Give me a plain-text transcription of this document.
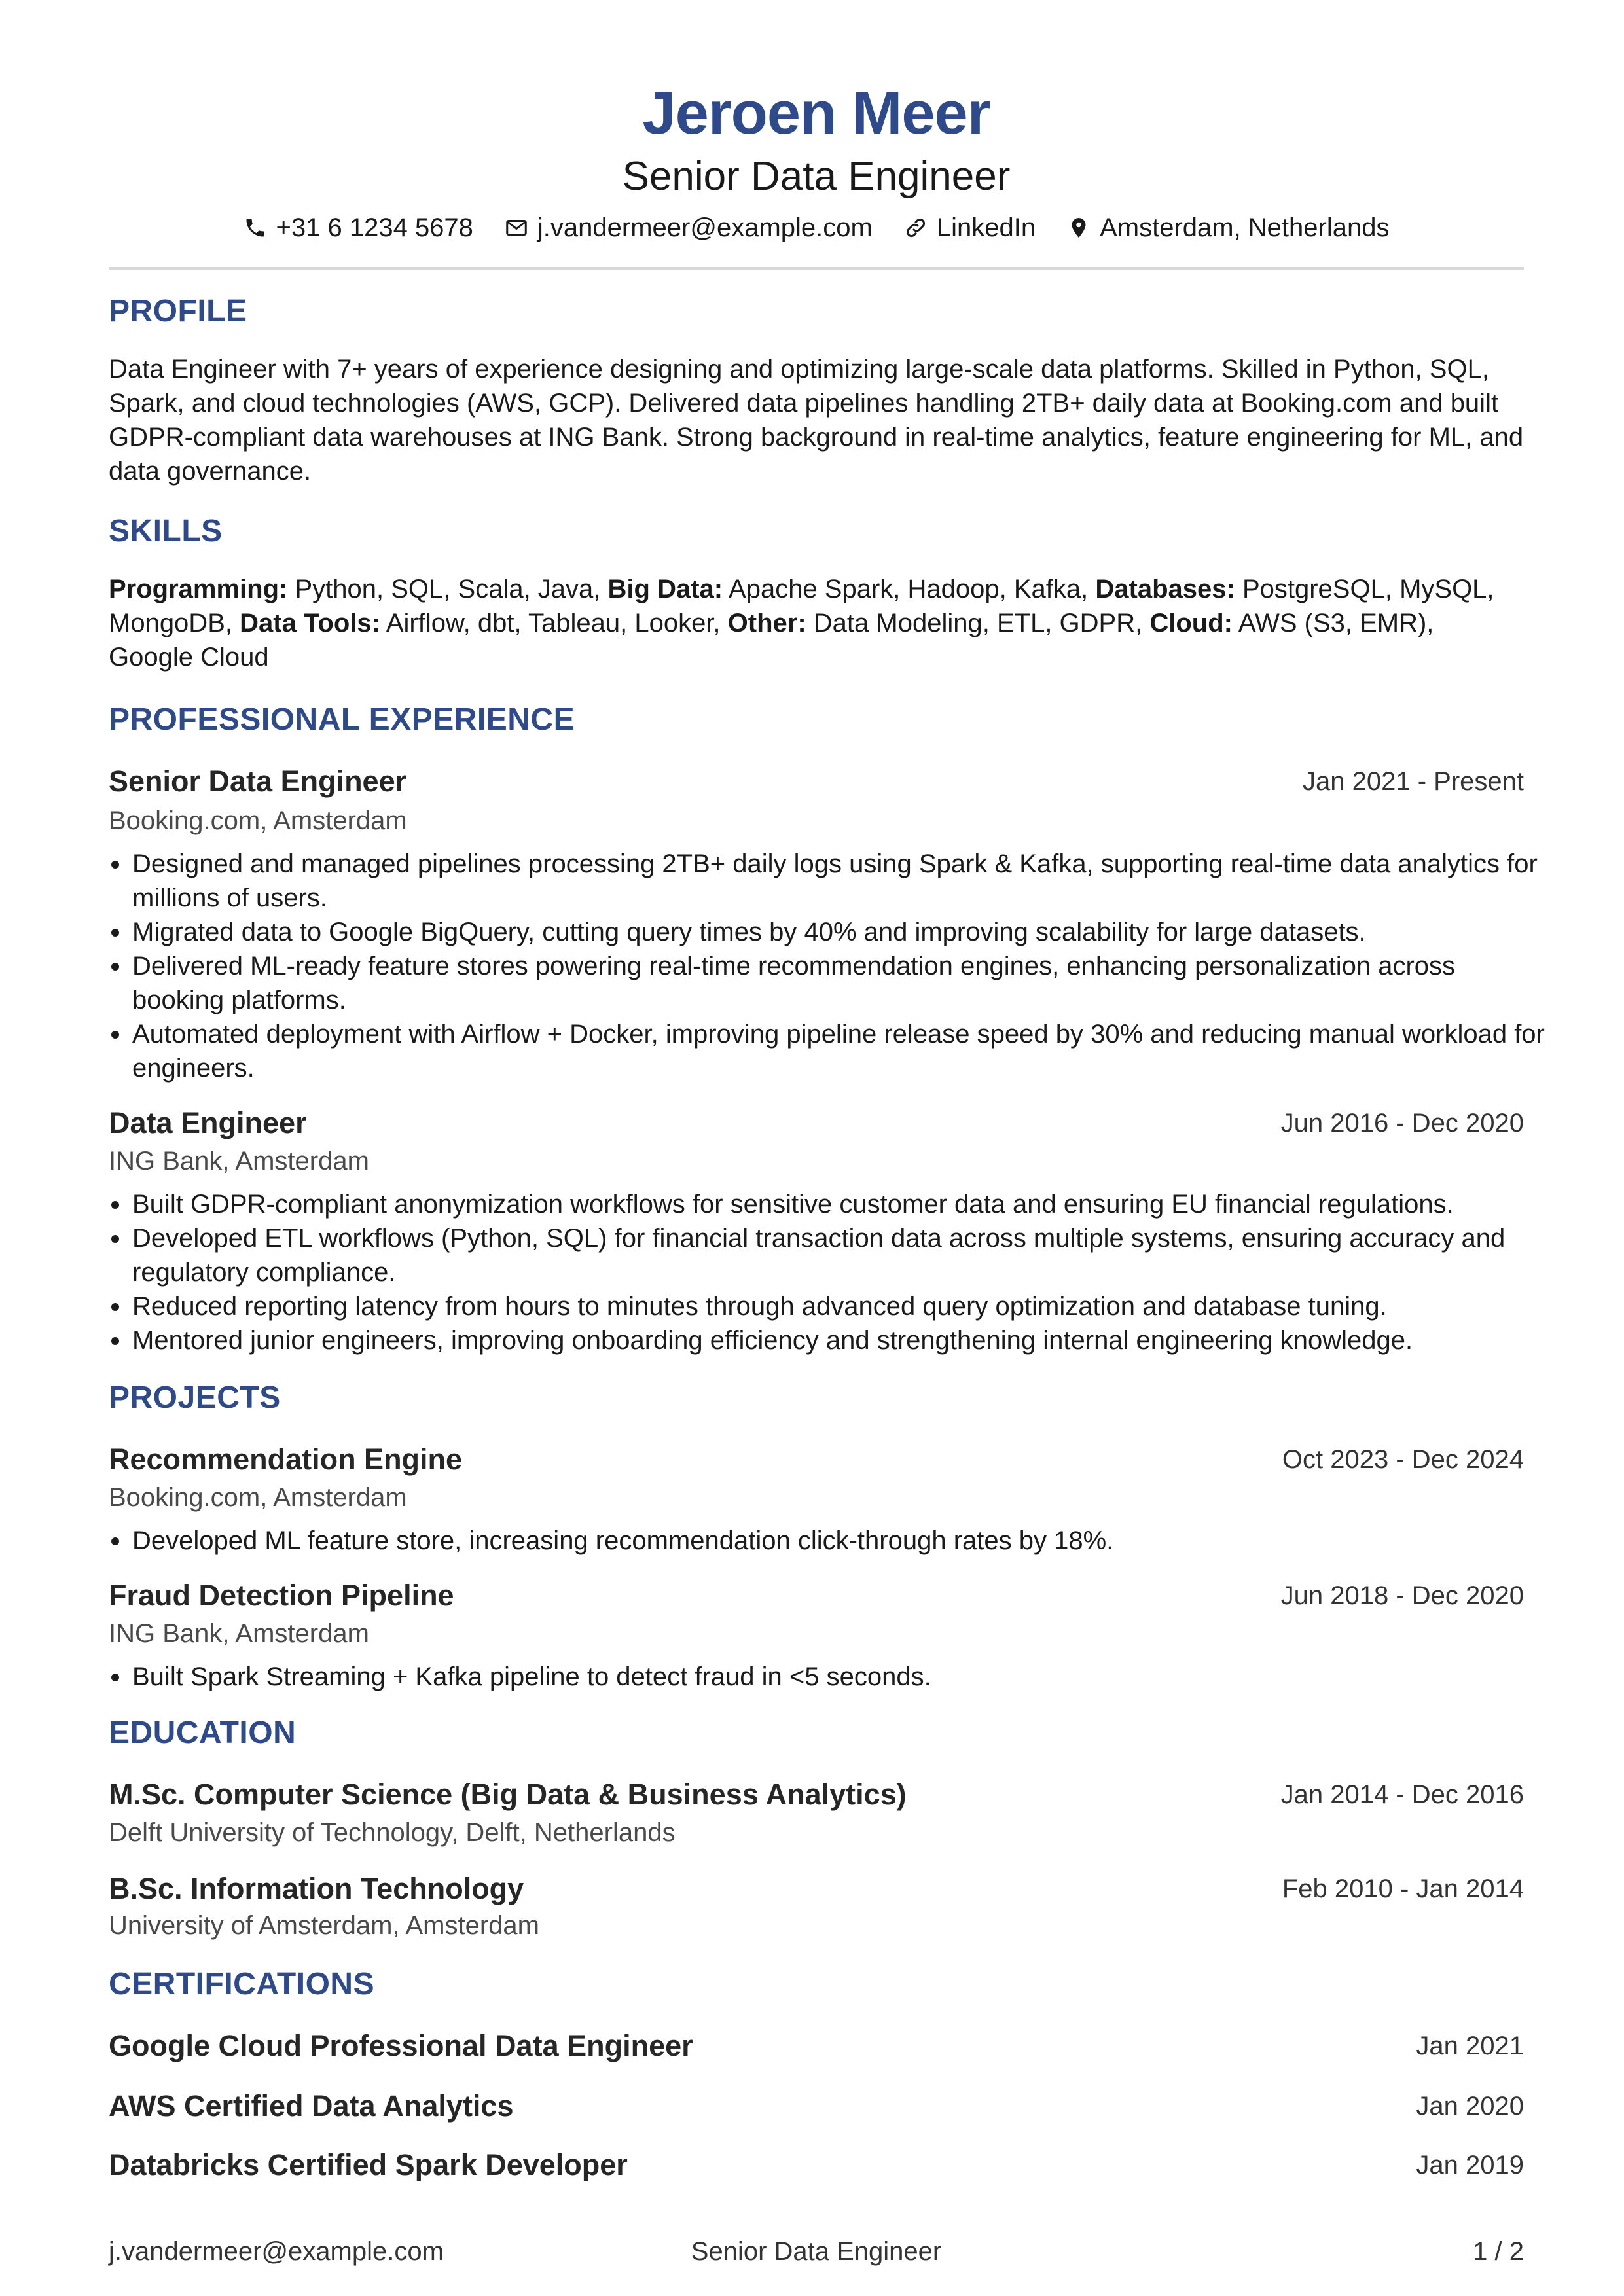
Jeroen Meer
Senior Data Engineer
+31 6 1234 5678 j.vandermeer@example.com LinkedIn Amsterdam, Netherlands
PROFILE
Data Engineer with 7+ years of experience designing and optimizing large-scale data platforms. Skilled in Python, SQL, Spark, and cloud technologies (AWS, GCP). Delivered data pipelines handling 2TB+ daily data at Booking.com and built GDPR-compliant data warehouses at ING Bank. Strong background in real-time analytics, feature engineering for ML, and data governance.
SKILLS
Programming: Python, SQL, Scala, Java, Big Data: Apache Spark, Hadoop, Kafka, Databases: PostgreSQL, MySQL, MongoDB, Data Tools: Airflow, dbt, Tableau, Looker, Other: Data Modeling, ETL, GDPR, Cloud: AWS (S3, EMR), Google Cloud
PROFESSIONAL EXPERIENCE
Senior Data Engineer	Jan 2021 - Present
Booking.com, Amsterdam
Designed and managed pipelines processing 2TB+ daily logs using Spark & Kafka, supporting real-time data analytics for millions of users.
Migrated data to Google BigQuery, cutting query times by 40% and improving scalability for large datasets.
Delivered ML-ready feature stores powering real-time recommendation engines, enhancing personalization across booking platforms.
Automated deployment with Airflow + Docker, improving pipeline release speed by 30% and reducing manual workload for engineers.
Data Engineer	Jun 2016 - Dec 2020
ING Bank, Amsterdam
Built GDPR-compliant anonymization workflows for sensitive customer data and ensuring EU financial regulations.
Developed ETL workflows (Python, SQL) for financial transaction data across multiple systems, ensuring accuracy and regulatory compliance.
Reduced reporting latency from hours to minutes through advanced query optimization and database tuning.
Mentored junior engineers, improving onboarding efficiency and strengthening internal engineering knowledge.
PROJECTS
Recommendation Engine	Oct 2023 - Dec 2024
Booking.com, Amsterdam
Developed ML feature store, increasing recommendation click-through rates by 18%.
Fraud Detection Pipeline	Jun 2018 - Dec 2020
ING Bank, Amsterdam
Built Spark Streaming + Kafka pipeline to detect fraud in <5 seconds.
EDUCATION
M.Sc. Computer Science (Big Data & Business Analytics)	Jan 2014 - Dec 2016
Delft University of Technology, Delft, Netherlands
B.Sc. Information Technology	Feb 2010 - Jan 2014
University of Amsterdam, Amsterdam
CERTIFICATIONS
Google Cloud Professional Data Engineer	Jan 2021
AWS Certified Data Analytics	Jan 2020
Databricks Certified Spark Developer	Jan 2019
j.vandermeer@example.com	Senior Data Engineer	1 / 2
